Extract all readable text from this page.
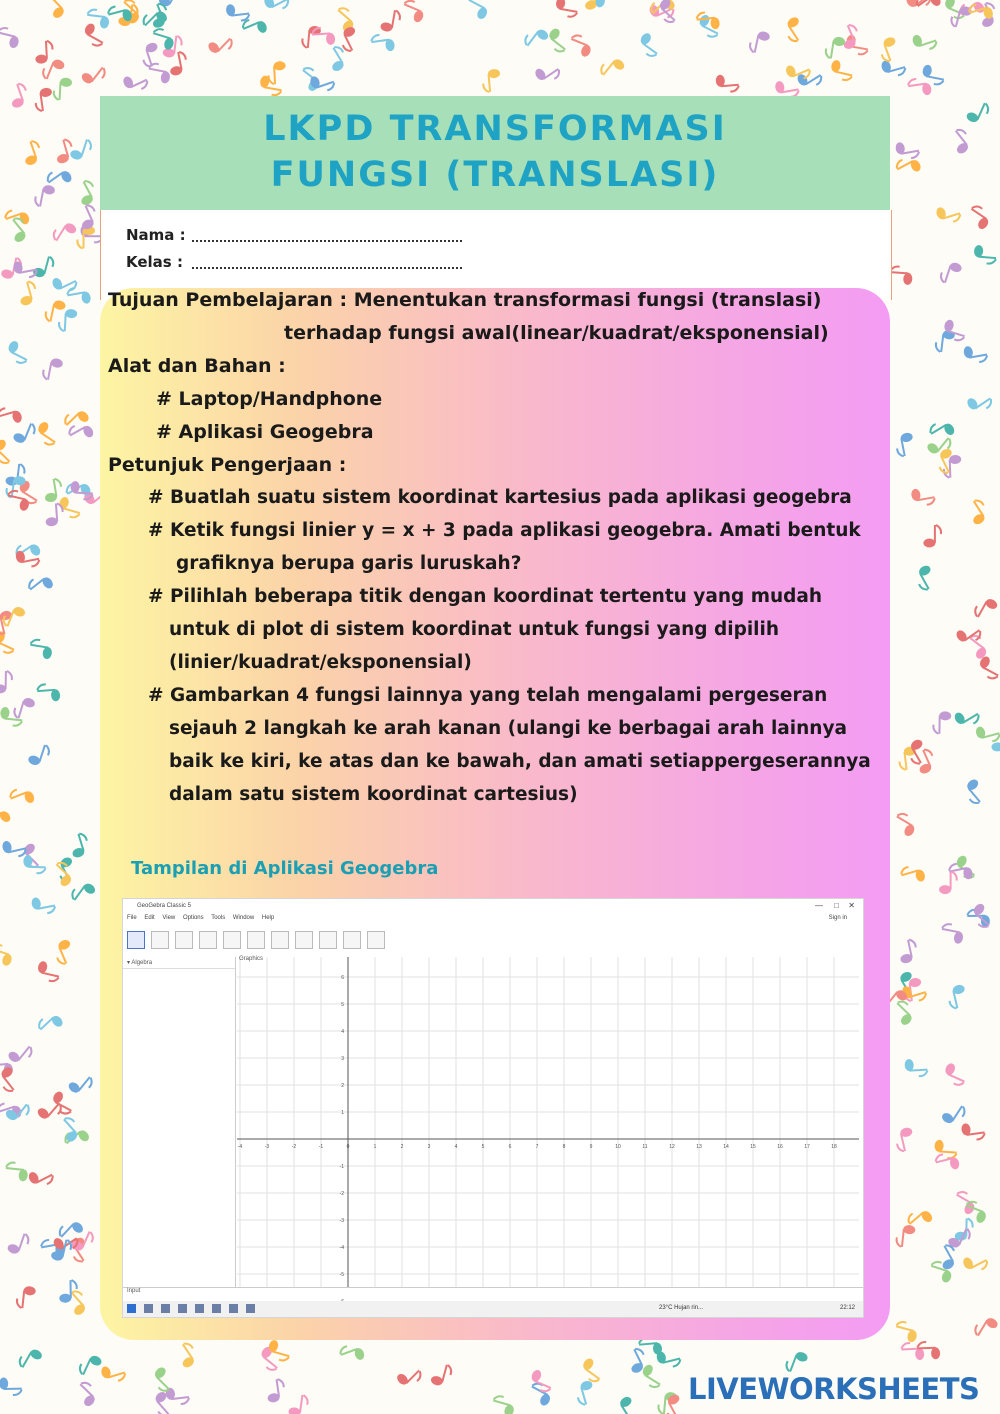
LKPD TRANSFORMASI
FUNGSI (TRANSLASI)
Nama :
Kelas :
Tujuan Pembelajaran : Menentukan transformasi fungsi (translasi)
terhadap fungsi awal(linear/kuadrat/eksponensial)
Alat dan Bahan :
# Laptop/Handphone
# Aplikasi Geogebra
Petunjuk Pengerjaan :
# Buatlah suatu sistem koordinat kartesius pada aplikasi geogebra
# Ketik fungsi linier y = x + 3 pada aplikasi geogebra. Amati bentuk
grafiknya berupa garis luruskah?
# Pilihlah beberapa titik dengan koordinat tertentu yang mudah
untuk di plot di sistem koordinat untuk fungsi yang dipilih
(linier/kuadrat/eksponensial)
# Gambarkan 4 fungsi lainnya yang telah mengalami pergeseran
sejauh 2 langkah ke arah kanan (ulangi ke berbagai arah lainnya
baik ke kiri, ke atas dan ke bawah, dan amati setiappergeserannya
dalam satu sistem koordinat cartesius)
Tampilan di Aplikasi Geogebra
GeoGebra Classic 5	— □ ✕
File Edit View Options Tools Window Help	Sign in
▾ Algebra
Graphics
-4	-3	-2	-1	0	1	2	3	4	5	6	7	8	9	10	11	12	13	14	15	16	17	18
6
5
4
3
2
1
-1
-2
-3
-4
-5
Input
23°C Hujan rin...	22:12
LIVEWORKSHEETS
